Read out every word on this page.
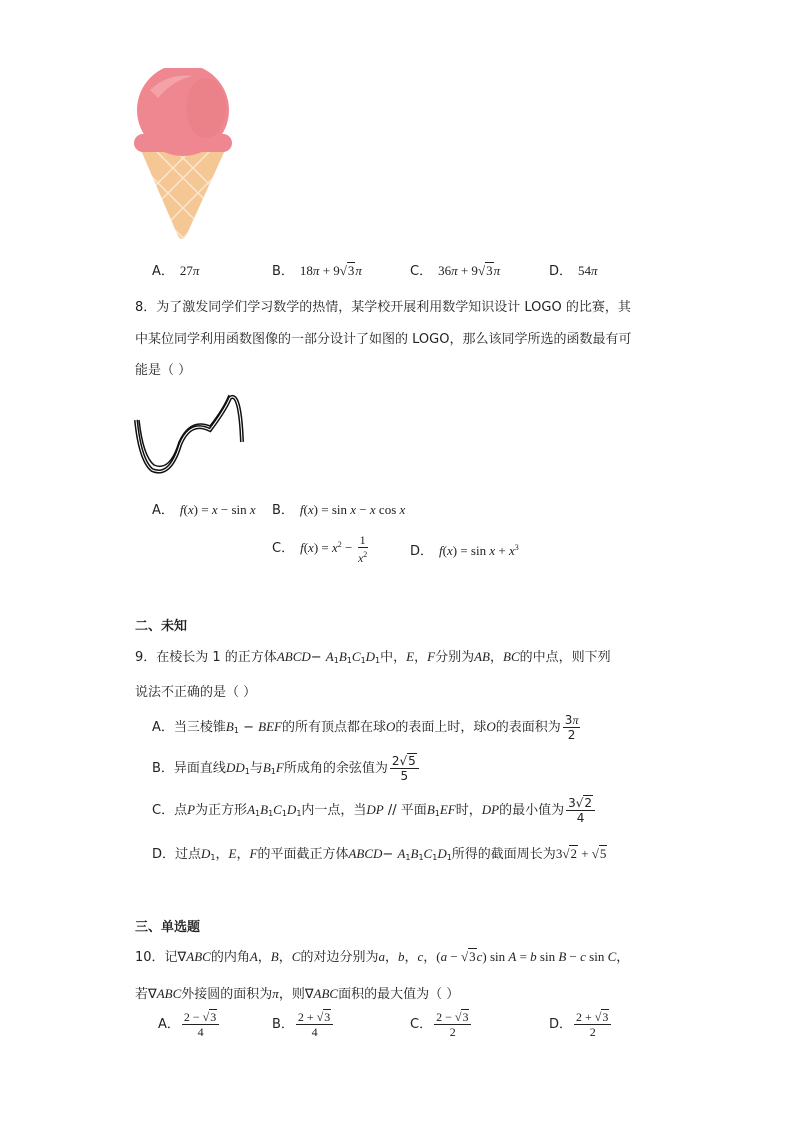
A． 27π	B． 18π + 9√3π	C． 36π + 9√3π	D． 54π
8．为了激发同学们学习数学的热情，某学校开展利用数学知识设计 LOGO 的比赛，其
中某位同学利用函数图像的一部分设计了如图的 LOGO，那么该同学所选的函数最有可
能是（ ）
A． f(x) = x − sin x B． f(x) = sin x − x cos x
C． $f(x) = x^2 - \frac{1}{x^2}$	D． $f(x) = \sin x + x^3$
二、未知
9．在棱长为 1 的正方体ABCD− $A_1B_1C_1D_1$中，E，F分别为AB，BC的中点，则下列
说法不正确的是（ ）
A．当三棱锥$B_1$ − BEF的所有顶点都在球O的表面上时，球O的表面积为 $\frac{3\pi}{2}$
B．异面直线$DD_1$与$B_1F$所成角的余弦值为 $\frac{2√5}{5}$
C．点P为正方形$A_1B_1C_1D_1$内一点，当DP // 平面$B_1EF$时，DP的最小值为 $\frac{3√2}{4}$
D．过点$D_1$，E，F的平面截正方体ABCD− $A_1B_1C_1D_1$所得的截面周长为3√2 + √5
三、单选题
10．记∇ABC的内角A，B，C的对边分别为a，b，c，(a − √3c) sin A = b sin B − c sin C，
若∇ABC外接圆的面积为π，则∇ABC面积的最大值为（ ）
A． $\frac{2 - √3}{4}$	B． $\frac{2 + √3}{4}$	C． $\frac{2 - √3}{2}$	D． $\frac{2 + √3}{2}$
